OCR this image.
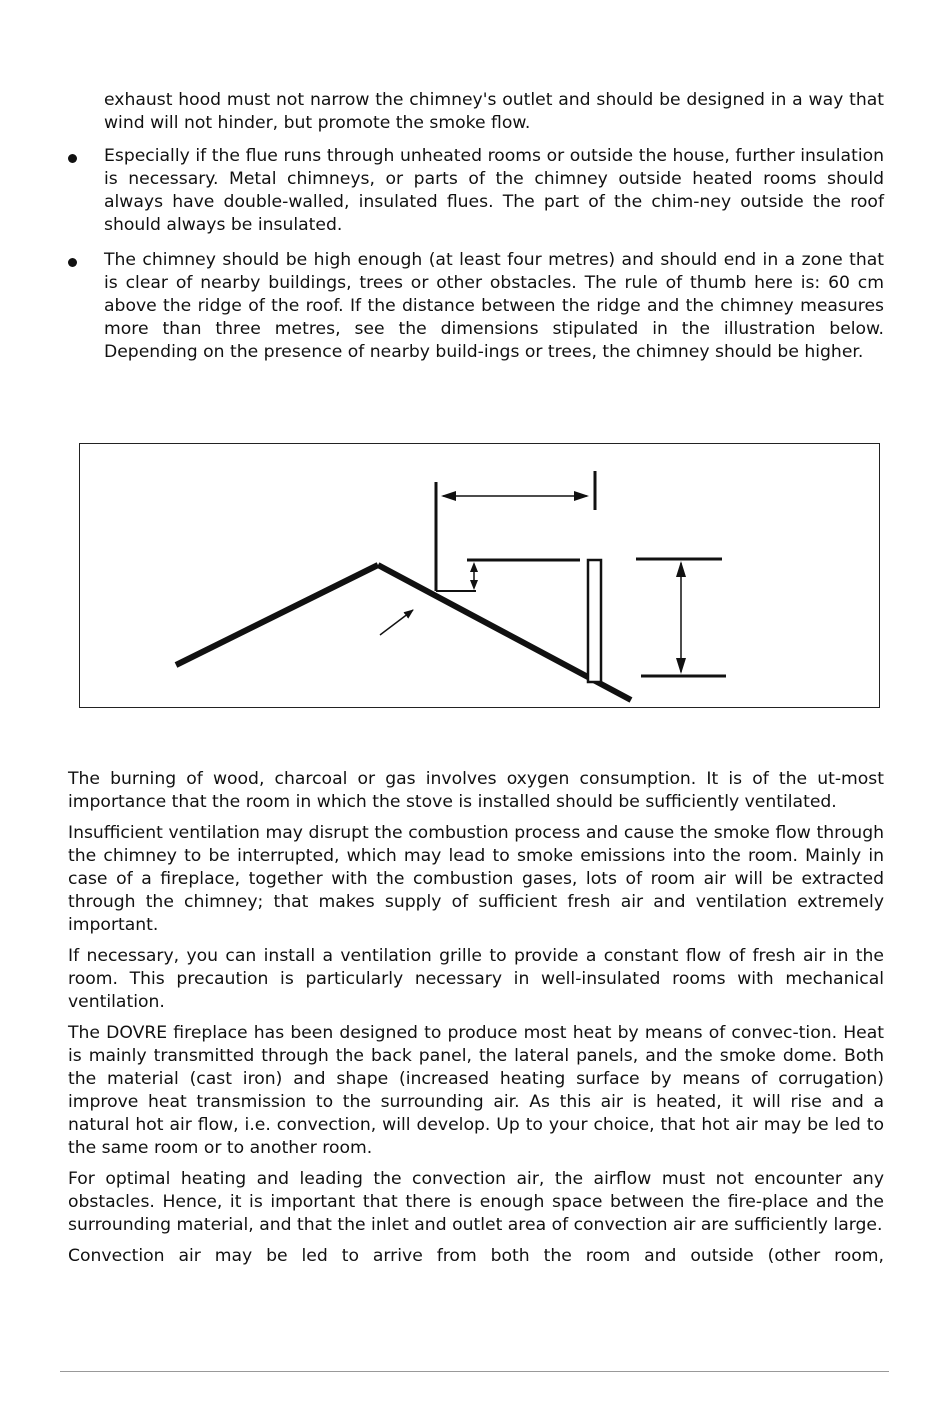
exhaust hood must not narrow the chimney's outlet and should be designed in a way that wind will not hinder, but promote the smoke flow.

Especially if the flue runs through unheated rooms or outside the house, further insulation is necessary. Metal chimneys, or parts of the chimney outside heated rooms should always have double-walled, insulated flues. The part of the chim-ney outside the roof should always be insulated.
The chimney should be high enough (at least four metres) and should end in a zone that is clear of nearby buildings, trees or other obstacles. The rule of thumb here is: 60 cm above the ridge of the roof. If the distance between the ridge and the chimney measures more than three metres, see the dimensions stipulated in the illustration below. Depending on the presence of nearby build-ings or trees, the chimney should be higher.

The burning of wood, charcoal or gas involves oxygen consumption. It is of the ut-most importance that the room in which the stove is installed should be sufficiently ventilated.

Insufficient ventilation may disrupt the combustion process and cause the smoke flow through the chimney to be interrupted, which may lead to smoke emissions into the room. Mainly in case of a fireplace, together with the combustion gases, lots of room air will be extracted through the chimney; that makes supply of sufficient fresh air and ventilation extremely important.

If necessary, you can install a ventilation grille to provide a constant flow of fresh air in the room. This precaution is particularly necessary in well-insulated rooms with mechanical ventilation.

The DOVRE fireplace has been designed to produce most heat by means of convec-tion. Heat is mainly transmitted through the back panel, the lateral panels, and the smoke dome. Both the material (cast iron) and shape (increased heating surface by means of corrugation) improve heat transmission to the surrounding air. As this air is heated, it will rise and a natural hot air flow, i.e. convection, will develop. Up to your choice, that hot air may be led to the same room or to another room.

For optimal heating and leading the convection air, the airflow must not encounter any obstacles. Hence, it is important that there is enough space between the fire-place and the surrounding material, and that the inlet and outlet area of convection air are sufficiently large.

Convection air may be led to arrive from both the room and outside (other room,
